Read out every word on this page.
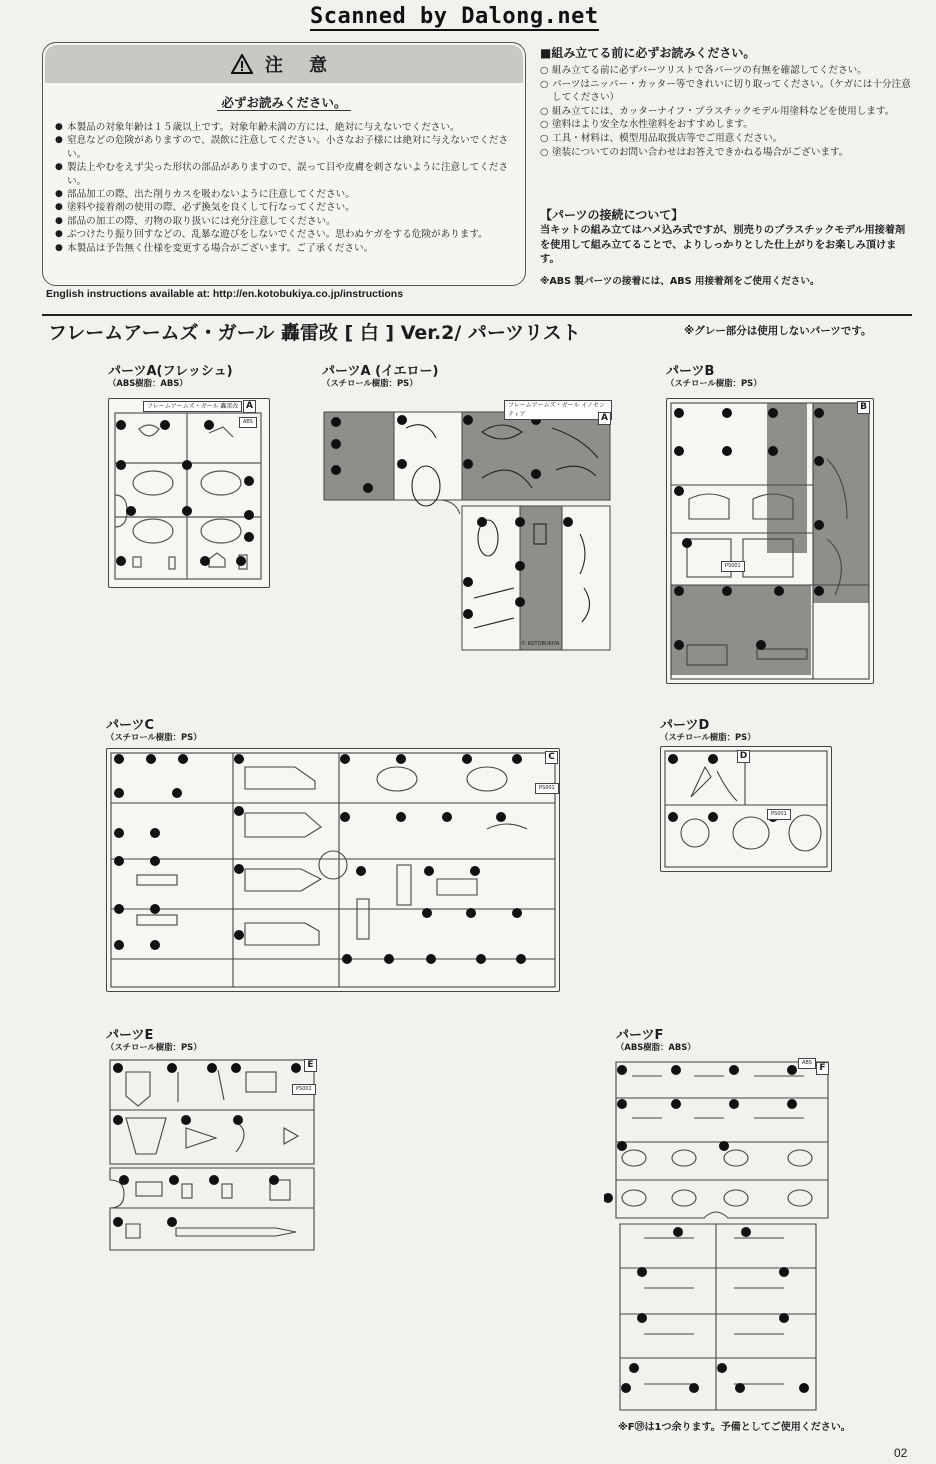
Scanned by Dalong.net
注 意
必ずお読みください。
● 本製品の対象年齢は１５歳以上です。対象年齢未満の方には、絶対に与えないでください。
● 窒息などの危険がありますので、誤飲に注意してください。小さなお子様には絶対に与えないでください。
● 製法上やむをえず尖った形状の部品がありますので、誤って目や皮膚を刺さないように注意してください。
● 部品加工の際、出た削りカスを吸わないように注意してください。
● 塗料や接着剤の使用の際、必ず換気を良くして行なってください。
● 部品の加工の際、刃物の取り扱いには充分注意してください。
● ぶつけたり振り回すなどの、乱暴な遊びをしないでください。思わぬケガをする危険があります。
● 本製品は予告無く仕様を変更する場合がございます。ご了承ください。
English instructions available at: http://en.kotobukiya.co.jp/instructions
■組み立てる前に必ずお読みください。
○ 組み立てる前に必ずパーツリストで各パーツの有無を確認してください。
○ パーツはニッパー・カッター等できれいに切り取ってください。（ケガには十分注意してください）
○ 組み立てには、カッターナイフ・プラスチックモデル用塗料などを使用します。
○ 塗料はより安全な水性塗料をおすすめします。
○ 工具・材料は、模型用品取扱店等でご用意ください。
○ 塗装についてのお問い合わせはお答えできかねる場合がございます。
【パーツの接続について】
当キットの組み立てはハメ込み式ですが、別売りのプラスチックモデル用接着剤を使用して組み立てることで、よりしっかりとした仕上がりをお楽しみ頂けます。
※ABS 製パーツの接着には、ABS 用接着剤をご使用ください。
フレームアームズ・ガール 轟雷改 [ 白 ] Ver.2/ パーツリスト	※グレー部分は使用しないパーツです。
パーツA(フレッシュ)
（ABS樹脂：ABS）
フレームアームズ・ガール 轟雷改 A
ABS
パーツA (イエロー)
（スチロール樹脂：PS）
フレームアームズ・ガール イノセンティア	A
© KOTOBUKIYA
パーツB
（スチロール樹脂：PS）
B
PS001
パーツC
（スチロール樹脂：PS）
C
PS001
パーツD
（スチロール樹脂：PS）
D
PS001
パーツE
（スチロール樹脂：PS）
E
PS001
パーツF
（ABS樹脂：ABS）
F
ABS
※F⑲は1つ余ります。予備としてご使用ください。
02
